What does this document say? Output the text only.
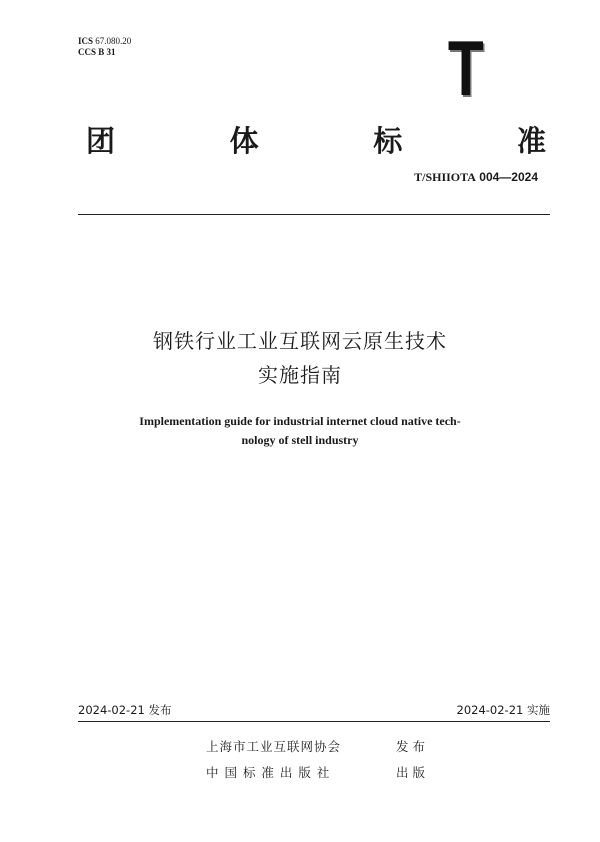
ICS 67.080.20
CCS B 31	T
团	体	标	准
T/SHIIOTA 004—2024
钢铁行业工业互联网云原生技术
实施指南
Implementation guide for industrial internet cloud native tech-
nology of stell industry
2024-02-21 发布	2024-02-21 实施
上海市工业互联网协会	发 布
中 国 标 准 出 版 社	出 版
